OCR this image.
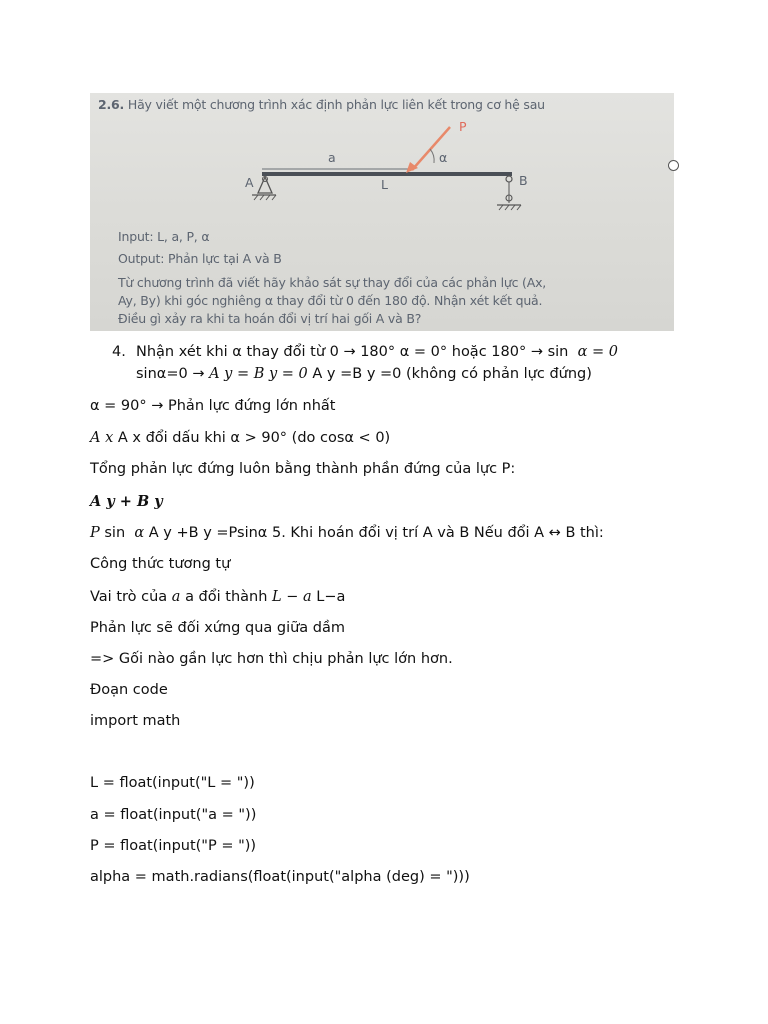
2.6. Hãy viết một chương trình xác định phản lực liên kết trong cơ hệ sau
P
a	α
A	L	B
Input: L, a, P, α
Output: Phản lực tại A và B
Từ chương trình đã viết hãy khảo sát sự thay đổi của các phản lực (Ax,
Ay, By) khi góc nghiêng α thay đổi từ 0 đến 180 độ. Nhận xét kết quả.
Điều gì xảy ra khi ta hoán đổi vị trí hai gối A và B?
4. Nhận xét khi α thay đổi từ 0 → 180° α = 0° hoặc 180° → sin α = 0
sinα=0 → A y = B y = 0 A y =B y =0 (không có phản lực đứng)
α = 90° → Phản lực đứng lớn nhất
A x A x đổi dấu khi α > 90° (do cosα < 0)
Tổng phản lực đứng luôn bằng thành phần đứng của lực P:
A y + B y
P sin α A y +B y =Psinα 5. Khi hoán đổi vị trí A và B Nếu đổi A ↔ B thì:
Công thức tương tự
Vai trò của a a đổi thành L − a L−a
Phản lực sẽ đối xứng qua giữa dầm
=> Gối nào gần lực hơn thì chịu phản lực lớn hơn.
Đoạn code
import math
L = float(input("L = "))
a = float(input("a = "))
P = float(input("P = "))
alpha = math.radians(float(input("alpha (deg) = ")))
